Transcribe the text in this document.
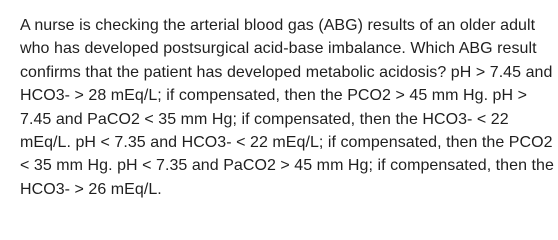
A nurse is checking the arterial blood gas (ABG) results of an older adult who has developed postsurgical acid-base imbalance. Which ABG result confirms that the patient has developed metabolic acidosis? pH > 7.45 and HCO3- > 28 mEq/L; if compensated, then the PCO2 > 45 mm Hg. pH > 7.45 and PaCO2 < 35 mm Hg; if compensated, then the HCO3- < 22 mEq/L. pH < 7.35 and HCO3- < 22 mEq/L; if compensated, then the PCO2 < 35 mm Hg. pH < 7.35 and PaCO2 > 45 mm Hg; if compensated, then the HCO3- > 26 mEq/L.
